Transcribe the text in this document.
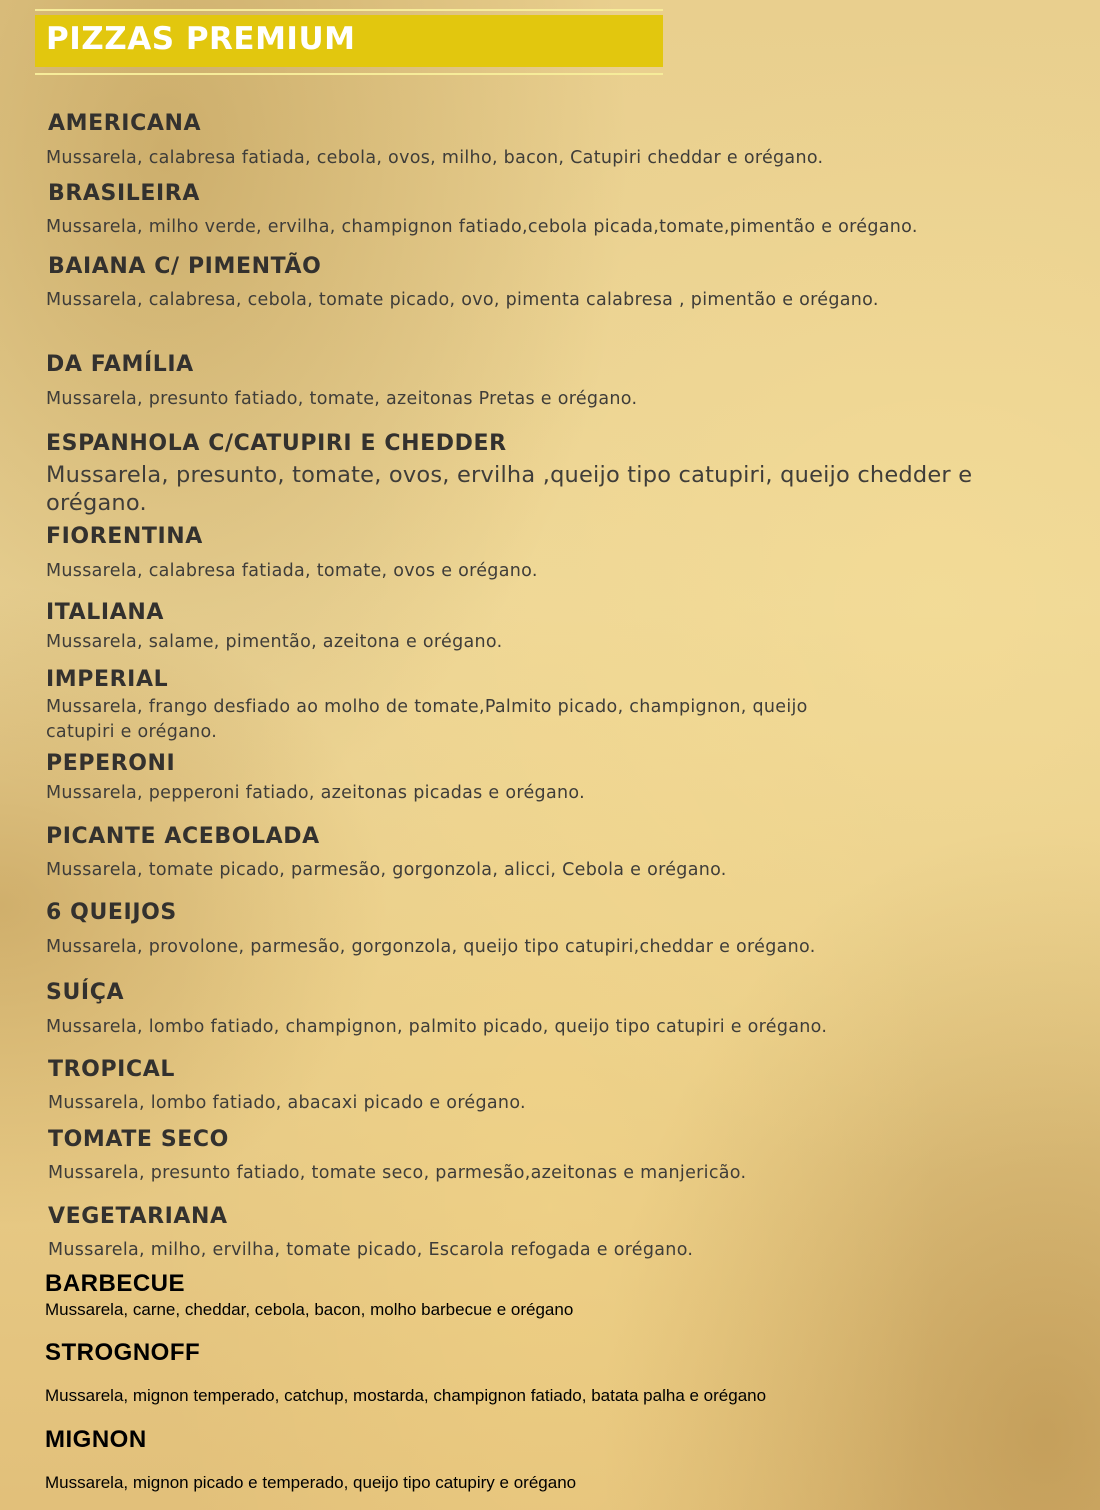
PIZZAS PREMIUM
AMERICANA
Mussarela, calabresa fatiada, cebola, ovos, milho, bacon, Catupiri cheddar e orégano.
BRASILEIRA
Mussarela, milho verde, ervilha, champignon fatiado,cebola picada,tomate,pimentão e orégano.
BAIANA C/ PIMENTÃO
Mussarela, calabresa, cebola, tomate picado, ovo, pimenta calabresa , pimentão e orégano.
DA FAMÍLIA
Mussarela, presunto fatiado, tomate, azeitonas Pretas e orégano.
ESPANHOLA C/CATUPIRI E CHEDDER
Mussarela, presunto, tomate, ovos, ervilha ,queijo tipo catupiri, queijo chedder e orégano.
FIORENTINA
Mussarela, calabresa fatiada, tomate, ovos e orégano.
ITALIANA
Mussarela, salame, pimentão, azeitona e orégano.
IMPERIAL
Mussarela, frango desfiado ao molho de tomate,Palmito picado, champignon, queijo catupiri e orégano.
PEPERONI
Mussarela, pepperoni fatiado, azeitonas picadas e orégano.
PICANTE ACEBOLADA
Mussarela, tomate picado, parmesão, gorgonzola, alicci, Cebola e orégano.
6 QUEIJOS
Mussarela, provolone, parmesão, gorgonzola, queijo tipo catupiri,cheddar e orégano.
SUÍÇA
Mussarela, lombo fatiado, champignon, palmito picado, queijo tipo catupiri e orégano.
TROPICAL
Mussarela, lombo fatiado, abacaxi picado e orégano.
TOMATE SECO
Mussarela, presunto fatiado, tomate seco, parmesão,azeitonas e manjericão.
VEGETARIANA
Mussarela, milho, ervilha, tomate picado, Escarola refogada e orégano.
BARBECUE
Mussarela, carne, cheddar, cebola, bacon, molho barbecue e orégano
STROGNOFF
Mussarela, mignon temperado, catchup, mostarda, champignon fatiado, batata palha e orégano
MIGNON
Mussarela, mignon picado e temperado, queijo tipo catupiry e orégano
